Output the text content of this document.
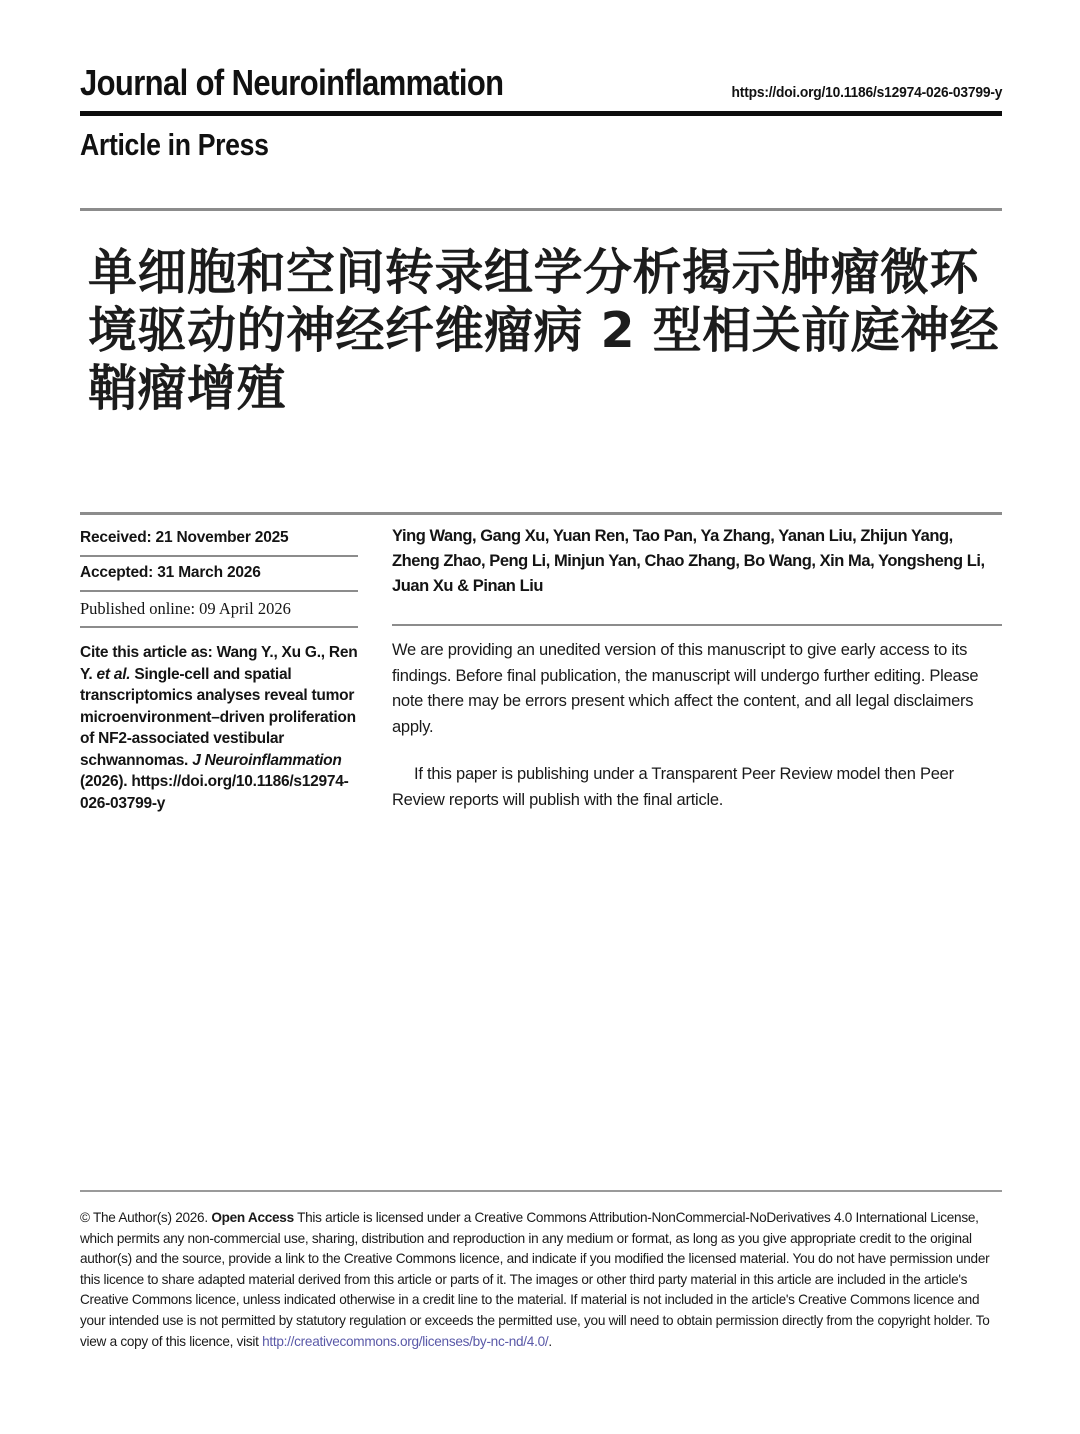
Journal of Neuroinflammation	https://doi.org/10.1186/s12974-026-03799-y
Article in Press
单细胞和空间转录组学分析揭示肿瘤微环境驱动的神经纤维瘤病 2 型相关前庭神经鞘瘤增殖
Received: 21 November 2025
Accepted: 31 March 2026
Published online: 09 April 2026
Cite this article as: Wang Y., Xu G., Ren Y. et al. Single-cell and spatial transcriptomics analyses reveal tumor microenvironment–driven proliferation of NF2-associated vestibular schwannomas. J Neuroinflammation (2026). https://doi.org/10.1186/s12974-026-03799-y
Ying Wang, Gang Xu, Yuan Ren, Tao Pan, Ya Zhang, Yanan Liu, Zhijun Yang, Zheng Zhao, Peng Li, Minjun Yan, Chao Zhang, Bo Wang, Xin Ma, Yongsheng Li, Juan Xu & Pinan Liu

We are providing an unedited version of this manuscript to give early access to its findings. Before final publication, the manuscript will undergo further editing. Please note there may be errors present which affect the content, and all legal disclaimers apply.

If this paper is publishing under a Transparent Peer Review model then Peer Review reports will publish with the final article.

© The Author(s) 2026. Open Access This article is licensed under a Creative Commons Attribution-NonCommercial-NoDerivatives 4.0 International License, which permits any non-commercial use, sharing, distribution and reproduction in any medium or format, as long as you give appropriate credit to the original author(s) and the source, provide a link to the Creative Commons licence, and indicate if you modified the licensed material. You do not have permission under this licence to share adapted material derived from this article or parts of it. The images or other third party material in this article are included in the article's Creative Commons licence, unless indicated otherwise in a credit line to the material. If material is not included in the article's Creative Commons licence and your intended use is not permitted by statutory regulation or exceeds the permitted use, you will need to obtain permission directly from the copyright holder. To view a copy of this licence, visit http://creativecommons.org/licenses/by-nc-nd/4.0/.
